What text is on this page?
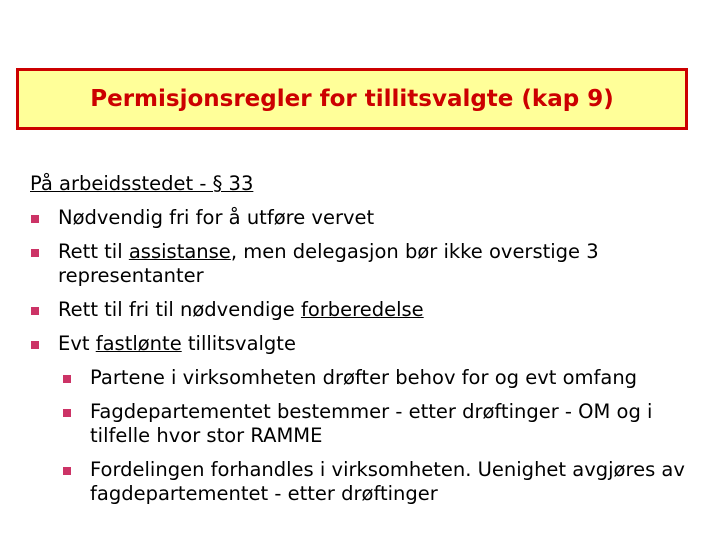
Permisjonsregler for tillitsvalgte (kap 9)
På arbeidsstedet - § 33
Nødvendig fri for å utføre vervet
Rett til assistanse, men delegasjon bør ikke overstige 3 representanter
Rett til fri til nødvendige forberedelse
Evt fastlønte tillitsvalgte
Partene i virksomheten drøfter behov for og evt omfang
Fagdepartementet bestemmer - etter drøftinger - OM og i tilfelle hvor stor RAMME
Fordelingen forhandles i virksomheten. Uenighet avgjøres av fagdepartementet - etter drøftinger
